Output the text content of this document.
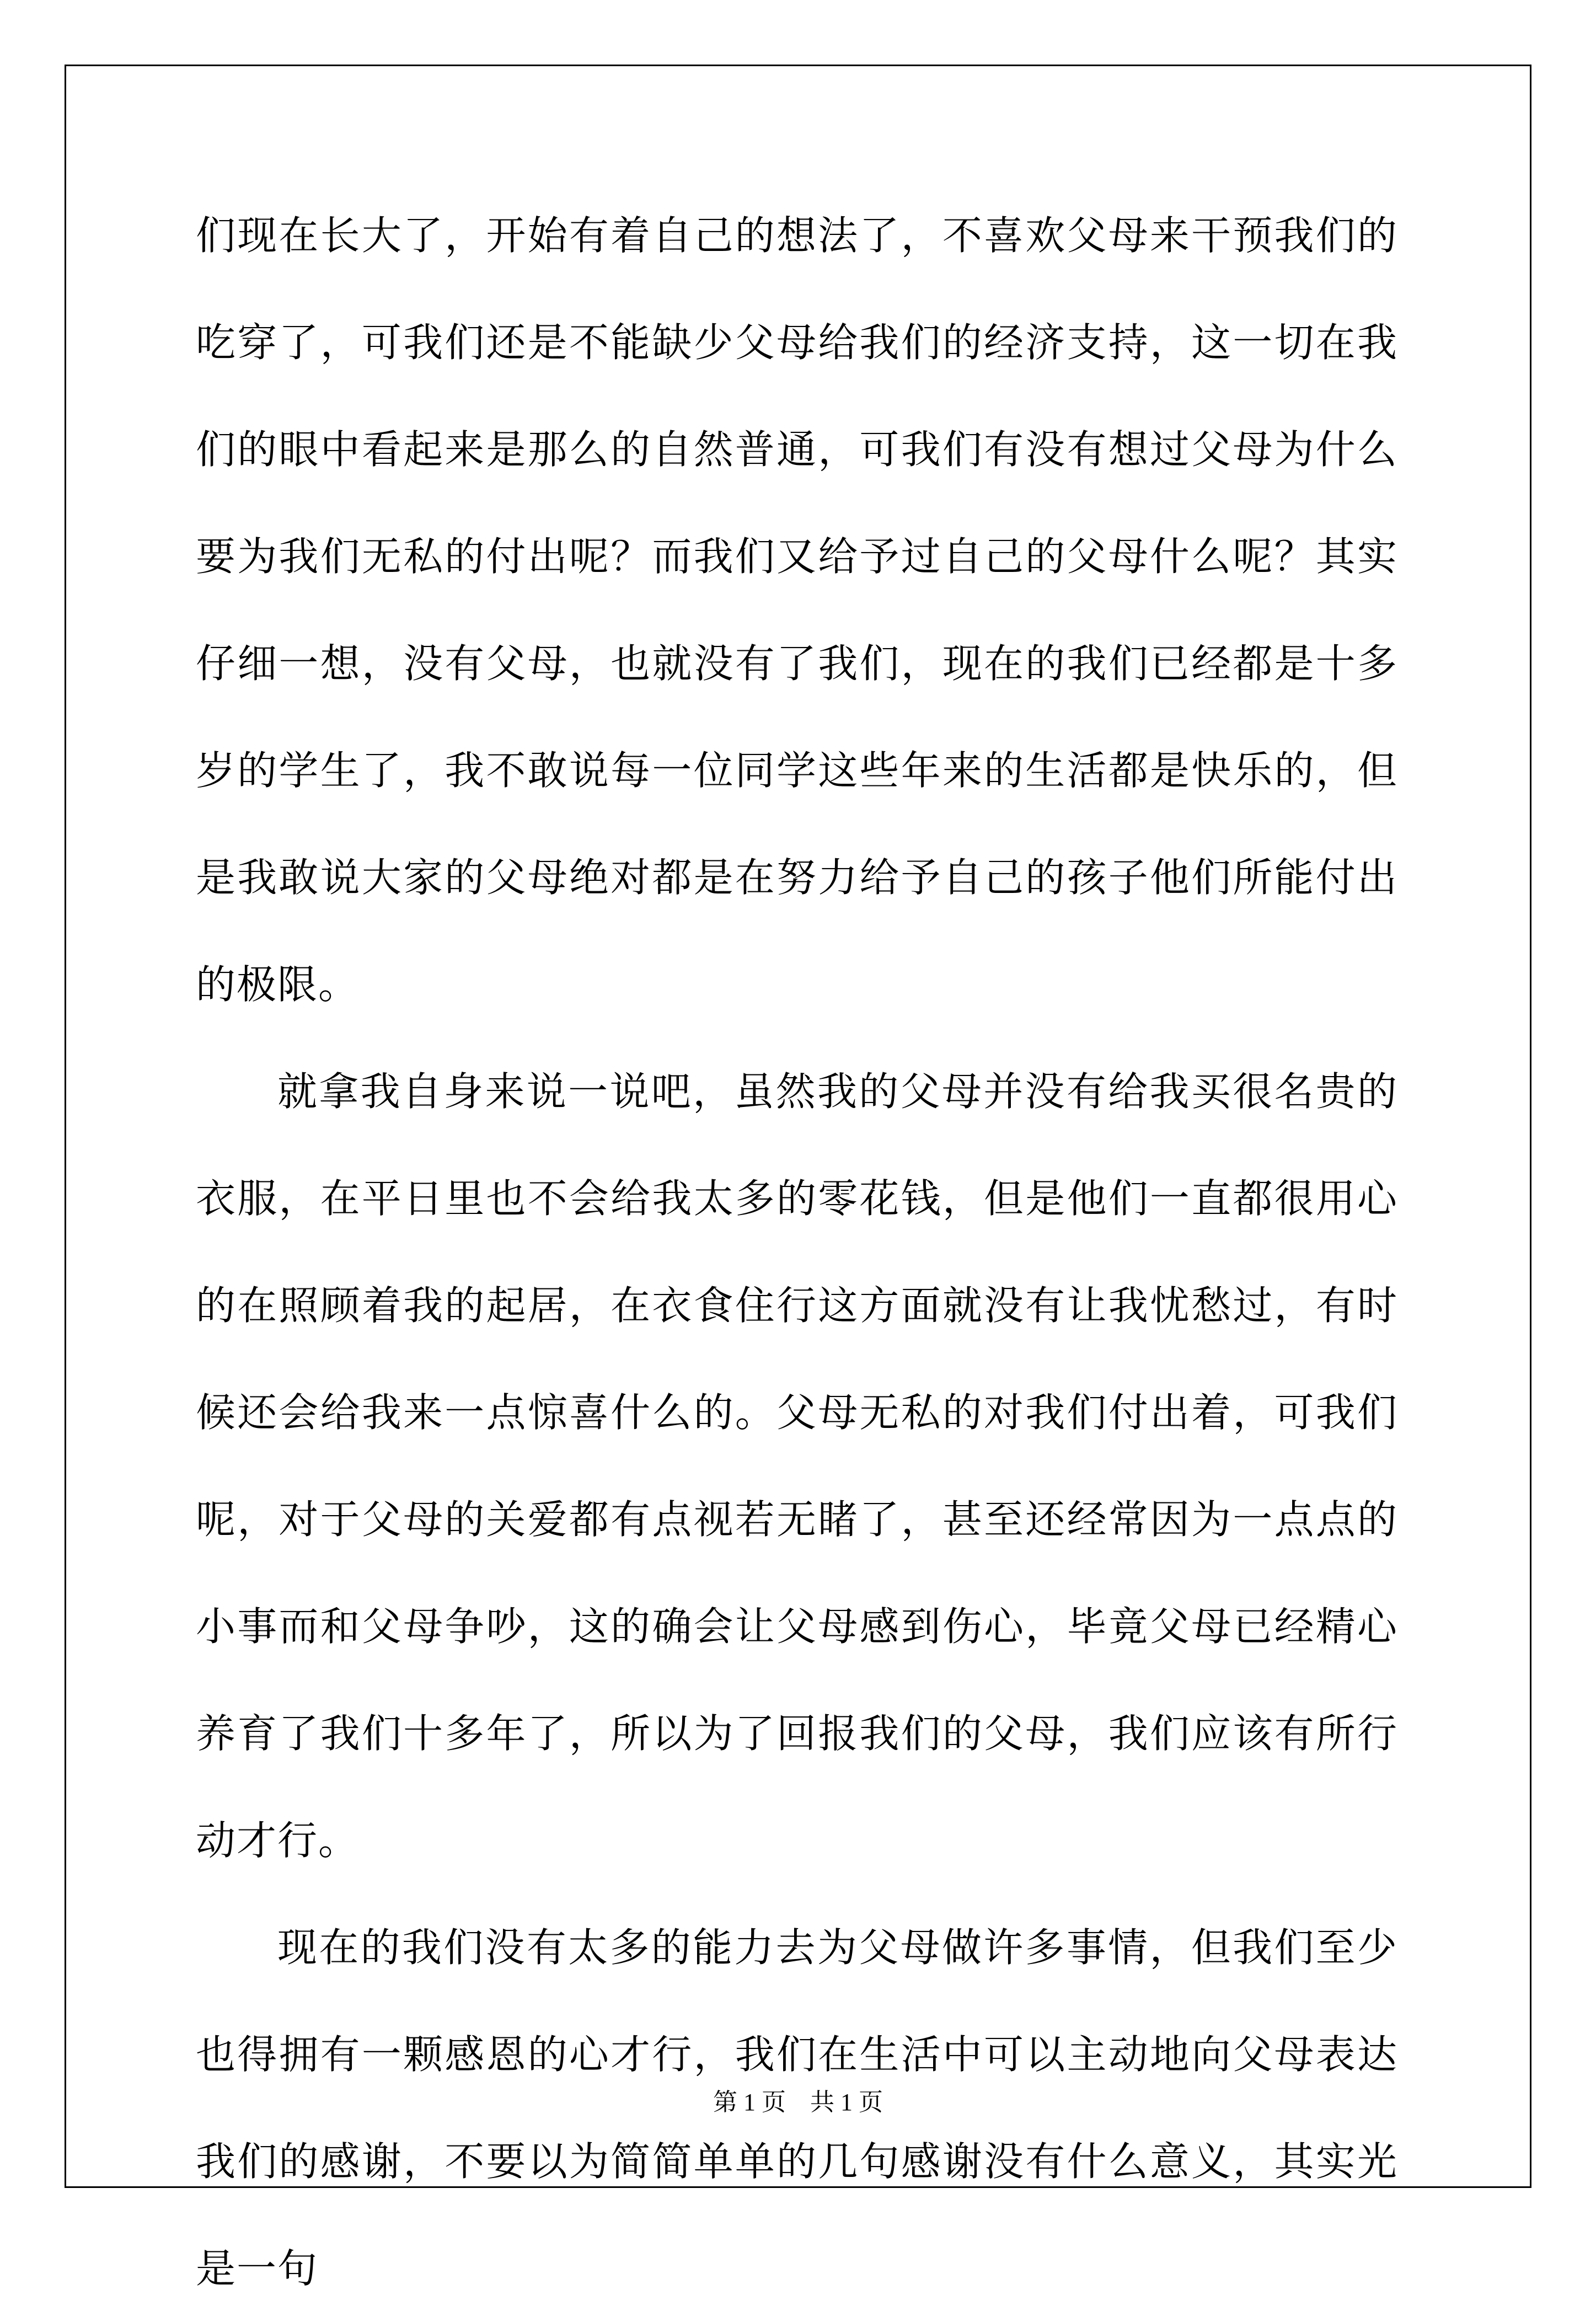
们现在长大了，开始有着自己的想法了，不喜欢父母来干预我们的吃穿了，可我们还是不能缺少父母给我们的经济支持，这一切在我们的眼中看起来是那么的自然普通，可我们有没有想过父母为什么要为我们无私的付出呢？而我们又给予过自己的父母什么呢？其实仔细一想，没有父母，也就没有了我们，现在的我们已经都是十多岁的学生了，我不敢说每一位同学这些年来的生活都是快乐的，但是我敢说大家的父母绝对都是在努力给予自己的孩子他们所能付出的极限。

就拿我自身来说一说吧，虽然我的父母并没有给我买很名贵的衣服，在平日里也不会给我太多的零花钱，但是他们一直都很用心的在照顾着我的起居，在衣食住行这方面就没有让我忧愁过，有时候还会给我来一点惊喜什么的。父母无私的对我们付出着，可我们呢，对于父母的关爱都有点视若无睹了，甚至还经常因为一点点的小事而和父母争吵，这的确会让父母感到伤心，毕竟父母已经精心养育了我们十多年了，所以为了回报我们的父母，我们应该有所行动才行。

现在的我们没有太多的能力去为父母做许多事情，但我们至少也得拥有一颗感恩的心才行，我们在生活中可以主动地向父母表达我们的感谢，不要以为简简单单的几句感谢没有什么意义，其实光是一句

第 1 页 共 1 页
